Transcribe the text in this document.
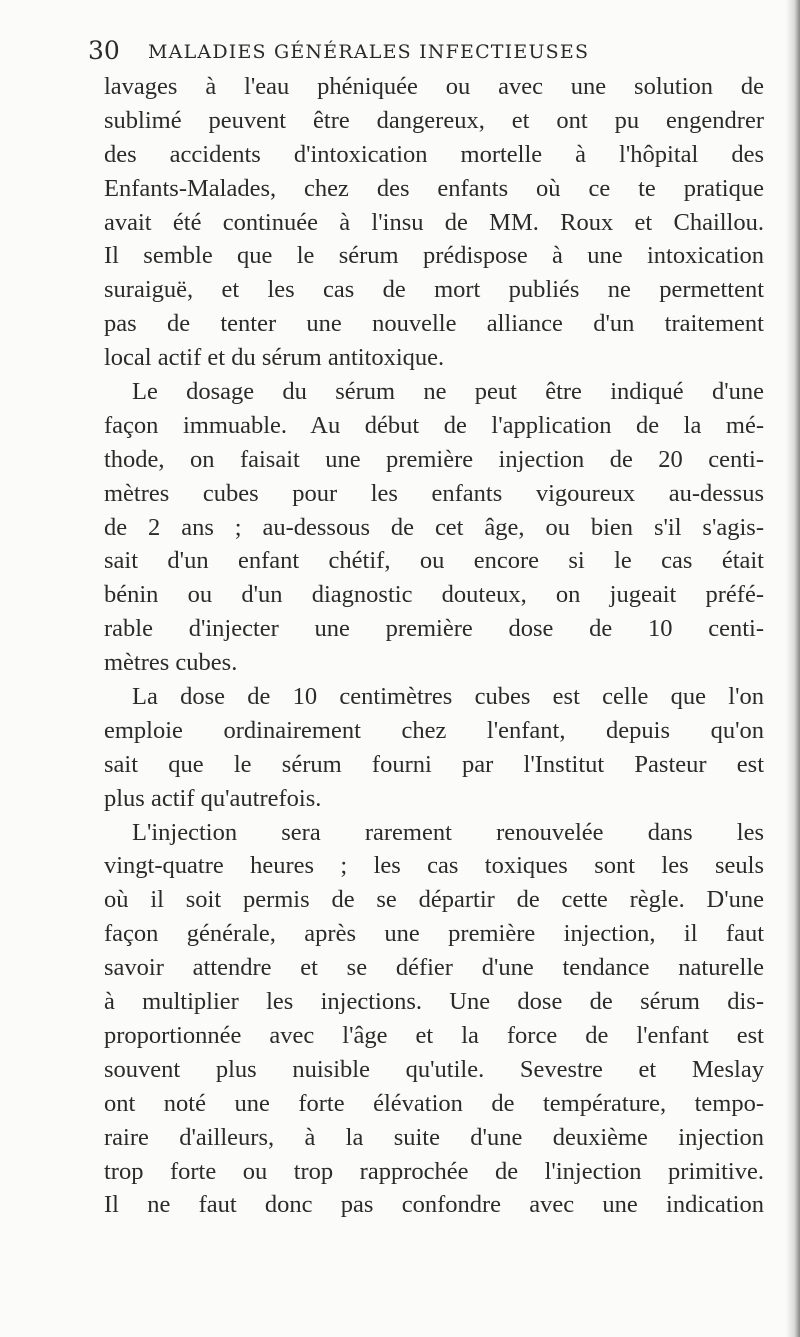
30 MALADIES GÉNÉRALES INFECTIEUSES
lavages à l'eau phéniquée ou avec une solution de
sublimé peuvent être dangereux, et ont pu engendrer
des accidents d'intoxication mortelle à l'hôpital des
Enfants-Malades, chez des enfants où ce te pratique
avait été continuée à l'insu de MM. Roux et Chaillou.
Il semble que le sérum prédispose à une intoxication
suraiguë, et les cas de mort publiés ne permettent
pas de tenter une nouvelle alliance d'un traitement
local actif et du sérum antitoxique.
Le dosage du sérum ne peut être indiqué d'une
façon immuable. Au début de l'application de la mé-
thode, on faisait une première injection de 20 centi-
mètres cubes pour les enfants vigoureux au-dessus
de 2 ans ; au-dessous de cet âge, ou bien s'il s'agis-
sait d'un enfant chétif, ou encore si le cas était
bénin ou d'un diagnostic douteux, on jugeait préfé-
rable d'injecter une première dose de 10 centi-
mètres cubes.
La dose de 10 centimètres cubes est celle que l'on
emploie ordinairement chez l'enfant, depuis qu'on
sait que le sérum fourni par l'Institut Pasteur est
plus actif qu'autrefois.
L'injection sera rarement renouvelée dans les
vingt-quatre heures ; les cas toxiques sont les seuls
où il soit permis de se départir de cette règle. D'une
façon générale, après une première injection, il faut
savoir attendre et se défier d'une tendance naturelle
à multiplier les injections. Une dose de sérum dis-
proportionnée avec l'âge et la force de l'enfant est
souvent plus nuisible qu'utile. Sevestre et Meslay
ont noté une forte élévation de température, tempo-
raire d'ailleurs, à la suite d'une deuxième injection
trop forte ou trop rapprochée de l'injection primitive.
Il ne faut donc pas confondre avec une indication
